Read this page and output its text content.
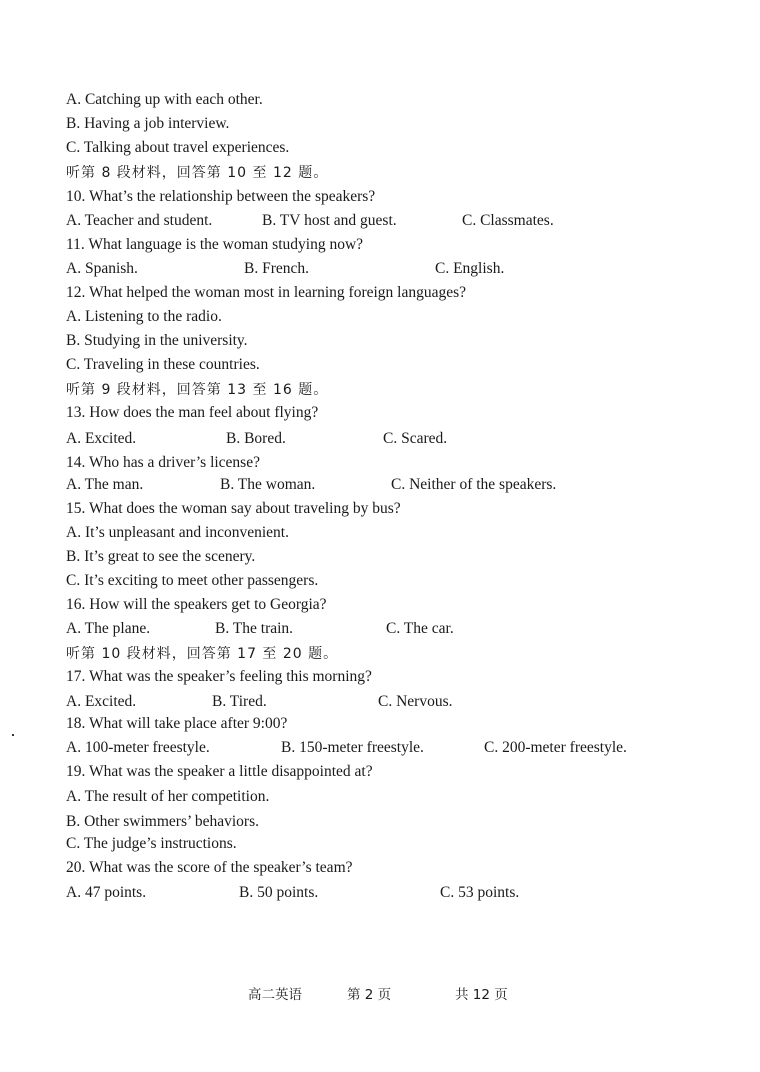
A. Catching up with each other.
B. Having a job interview.
C. Talking about travel experiences.
听第 8 段材料，回答第 10 至 12 题。
10. What’s the relationship between the speakers?
A. Teacher and student.	B. TV host and guest.	C. Classmates.
11. What language is the woman studying now?
A. Spanish.	B. French.	C. English.
12. What helped the woman most in learning foreign languages?
A. Listening to the radio.
B. Studying in the university.
C. Traveling in these countries.
听第 9 段材料，回答第 13 至 16 题。
13. How does the man feel about flying?
A. Excited.	B. Bored.	C. Scared.
14. Who has a driver’s license?
A. The man.	B. The woman.	C. Neither of the speakers.
15. What does the woman say about traveling by bus?
A. It’s unpleasant and inconvenient.
B. It’s great to see the scenery.
C. It’s exciting to meet other passengers.
16. How will the speakers get to Georgia?
A. The plane.	B. The train.	C. The car.
听第 10 段材料，回答第 17 至 20 题。
17. What was the speaker’s feeling this morning?
A. Excited.	B. Tired.	C. Nervous.
18. What will take place after 9:00?
A. 100-meter freestyle.	B. 150-meter freestyle.	C. 200-meter freestyle.
19. What was the speaker a little disappointed at?
A. The result of her competition.
B. Other swimmers’ behaviors.
C. The judge’s instructions.
20. What was the score of the speaker’s team?
A. 47 points.	B. 50 points.	C. 53 points.
高二英语	第 2 页	共 12 页
